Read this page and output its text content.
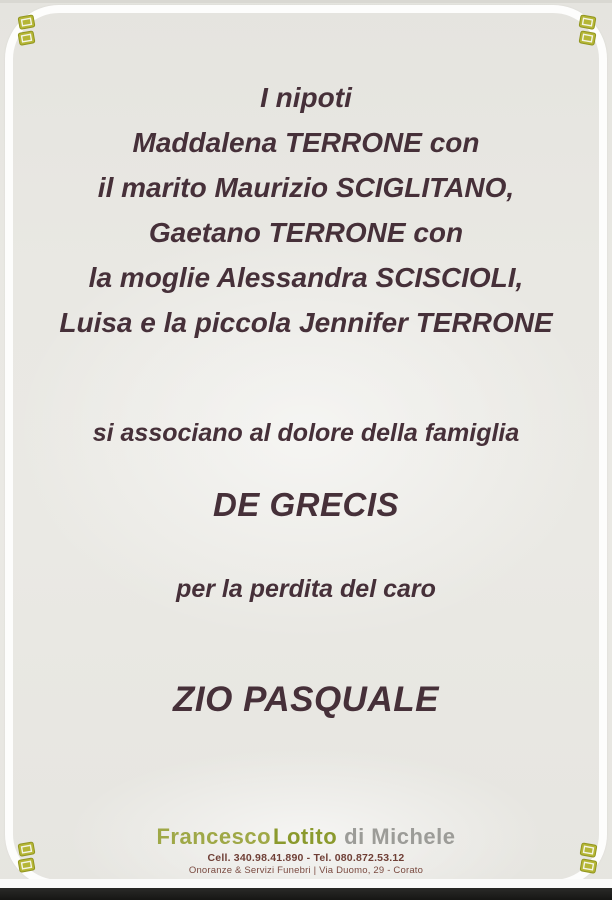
I nipoti
Maddalena TERRONE con
il marito Maurizio SCIGLITANO,
Gaetano TERRONE con
la moglie Alessandra SCISCIOLI,
Luisa e la piccola Jennifer TERRONE
si associano al dolore della famiglia
DE GRECIS
per la perdita del caro
ZIO PASQUALE
FrancescoLotito di Michele
Cell. 340.98.41.890 - Tel. 080.872.53.12
Onoranze & Servizi Funebri | Via Duomo, 29 - Corato
